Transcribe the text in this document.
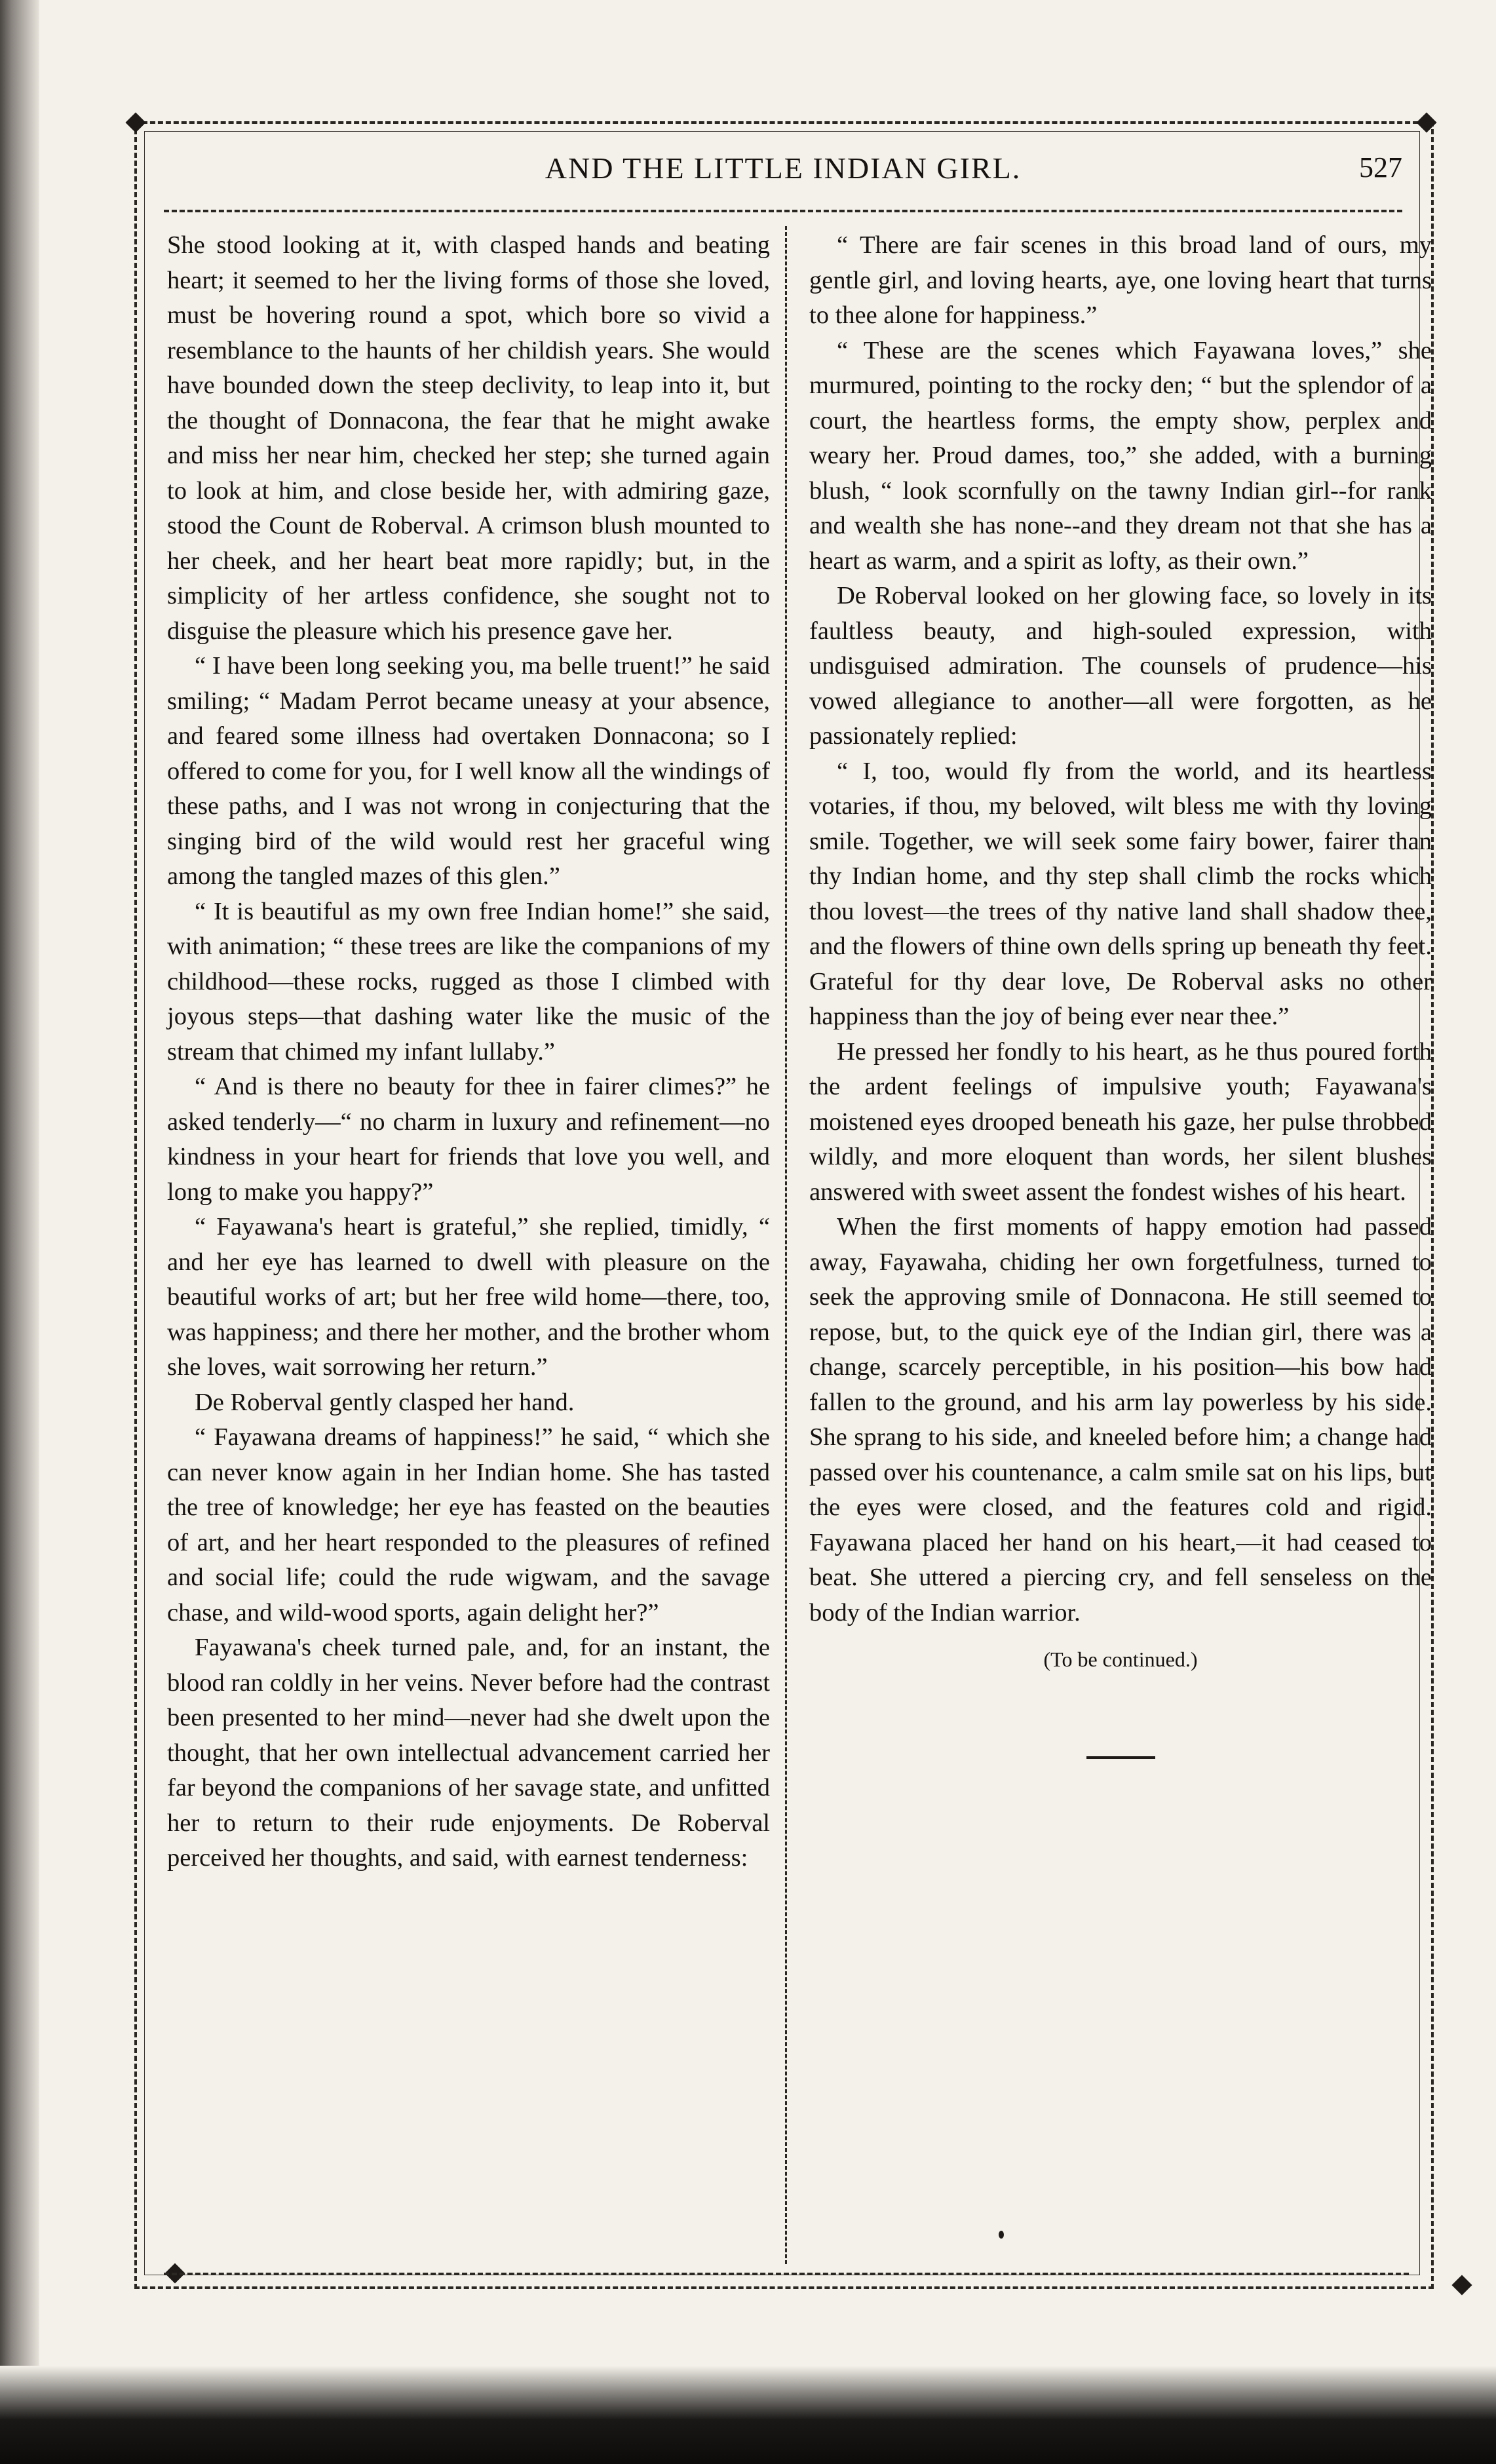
AND THE LITTLE INDIAN GIRL.	527

She stood looking at it, with clasped hands and beating heart; it seemed to her the living forms of those she loved, must be hovering round a spot, which bore so vivid a resemblance to the haunts of her childish years. She would have bounded down the steep declivity, to leap into it, but the thought of Donnacona, the fear that he might awake and miss her near him, checked her step; she turned again to look at him, and close beside her, with admiring gaze, stood the Count de Roberval. A crimson blush mounted to her cheek, and her heart beat more rapidly; but, in the simplicity of her artless confidence, she sought not to disguise the pleasure which his presence gave her.

“ I have been long seeking you, ma belle truent!” he said smiling; “ Madam Perrot became uneasy at your absence, and feared some illness had overtaken Donnacona; so I offered to come for you, for I well know all the windings of these paths, and I was not wrong in conjecturing that the singing bird of the wild would rest her graceful wing among the tangled mazes of this glen.”

“ It is beautiful as my own free Indian home!” she said, with animation; “ these trees are like the companions of my childhood—these rocks, rugged as those I climbed with joyous steps—that dashing water like the music of the stream that chimed my infant lullaby.”

“ And is there no beauty for thee in fairer climes?” he asked tenderly—“ no charm in luxury and refinement—no kindness in your heart for friends that love you well, and long to make you happy?”

“ Fayawana's heart is grateful,” she replied, timidly, “ and her eye has learned to dwell with pleasure on the beautiful works of art; but her free wild home—there, too, was happiness; and there her mother, and the brother whom she loves, wait sorrowing her return.”

De Roberval gently clasped her hand.

“ Fayawana dreams of happiness!” he said, “ which she can never know again in her Indian home. She has tasted the tree of knowledge; her eye has feasted on the beauties of art, and her heart responded to the pleasures of refined and social life; could the rude wigwam, and the savage chase, and wild-wood sports, again delight her?”

Fayawana's cheek turned pale, and, for an instant, the blood ran coldly in her veins. Never before had the contrast been presented to her mind—never had she dwelt upon the thought, that her own intellectual advancement carried her far beyond the companions of her savage state, and unfitted her to return to their rude enjoyments. De Roberval perceived her thoughts, and said, with earnest tenderness:

“ There are fair scenes in this broad land of ours, my gentle girl, and loving hearts, aye, one loving heart that turns to thee alone for happiness.”

“ These are the scenes which Fayawana loves,” she murmured, pointing to the rocky den; “ but the splendor of a court, the heartless forms, the empty show, perplex and weary her. Proud dames, too,” she added, with a burning blush, “ look scornfully on the tawny Indian girl--for rank and wealth she has none--and they dream not that she has a heart as warm, and a spirit as lofty, as their own.”

De Roberval looked on her glowing face, so lovely in its faultless beauty, and high-souled expression, with undisguised admiration. The counsels of prudence—his vowed allegiance to another—all were forgotten, as he passionately replied:

“ I, too, would fly from the world, and its heartless votaries, if thou, my beloved, wilt bless me with thy loving smile. Together, we will seek some fairy bower, fairer than thy Indian home, and thy step shall climb the rocks which thou lovest—the trees of thy native land shall shadow thee, and the flowers of thine own dells spring up beneath thy feet. Grateful for thy dear love, De Roberval asks no other happiness than the joy of being ever near thee.”

He pressed her fondly to his heart, as he thus poured forth the ardent feelings of impulsive youth; Fayawana's moistened eyes drooped beneath his gaze, her pulse throbbed wildly, and more eloquent than words, her silent blushes answered with sweet assent the fondest wishes of his heart.

When the first moments of happy emotion had passed away, Fayawaha, chiding her own forgetfulness, turned to seek the approving smile of Donnacona. He still seemed to repose, but, to the quick eye of the Indian girl, there was a change, scarcely perceptible, in his position—his bow had fallen to the ground, and his arm lay powerless by his side. She sprang to his side, and kneeled before him; a change had passed over his countenance, a calm smile sat on his lips, but the eyes were closed, and the features cold and rigid. Fayawana placed her hand on his heart,—it had ceased to beat. She uttered a piercing cry, and fell senseless on the body of the Indian warrior.

(To be continued.)
